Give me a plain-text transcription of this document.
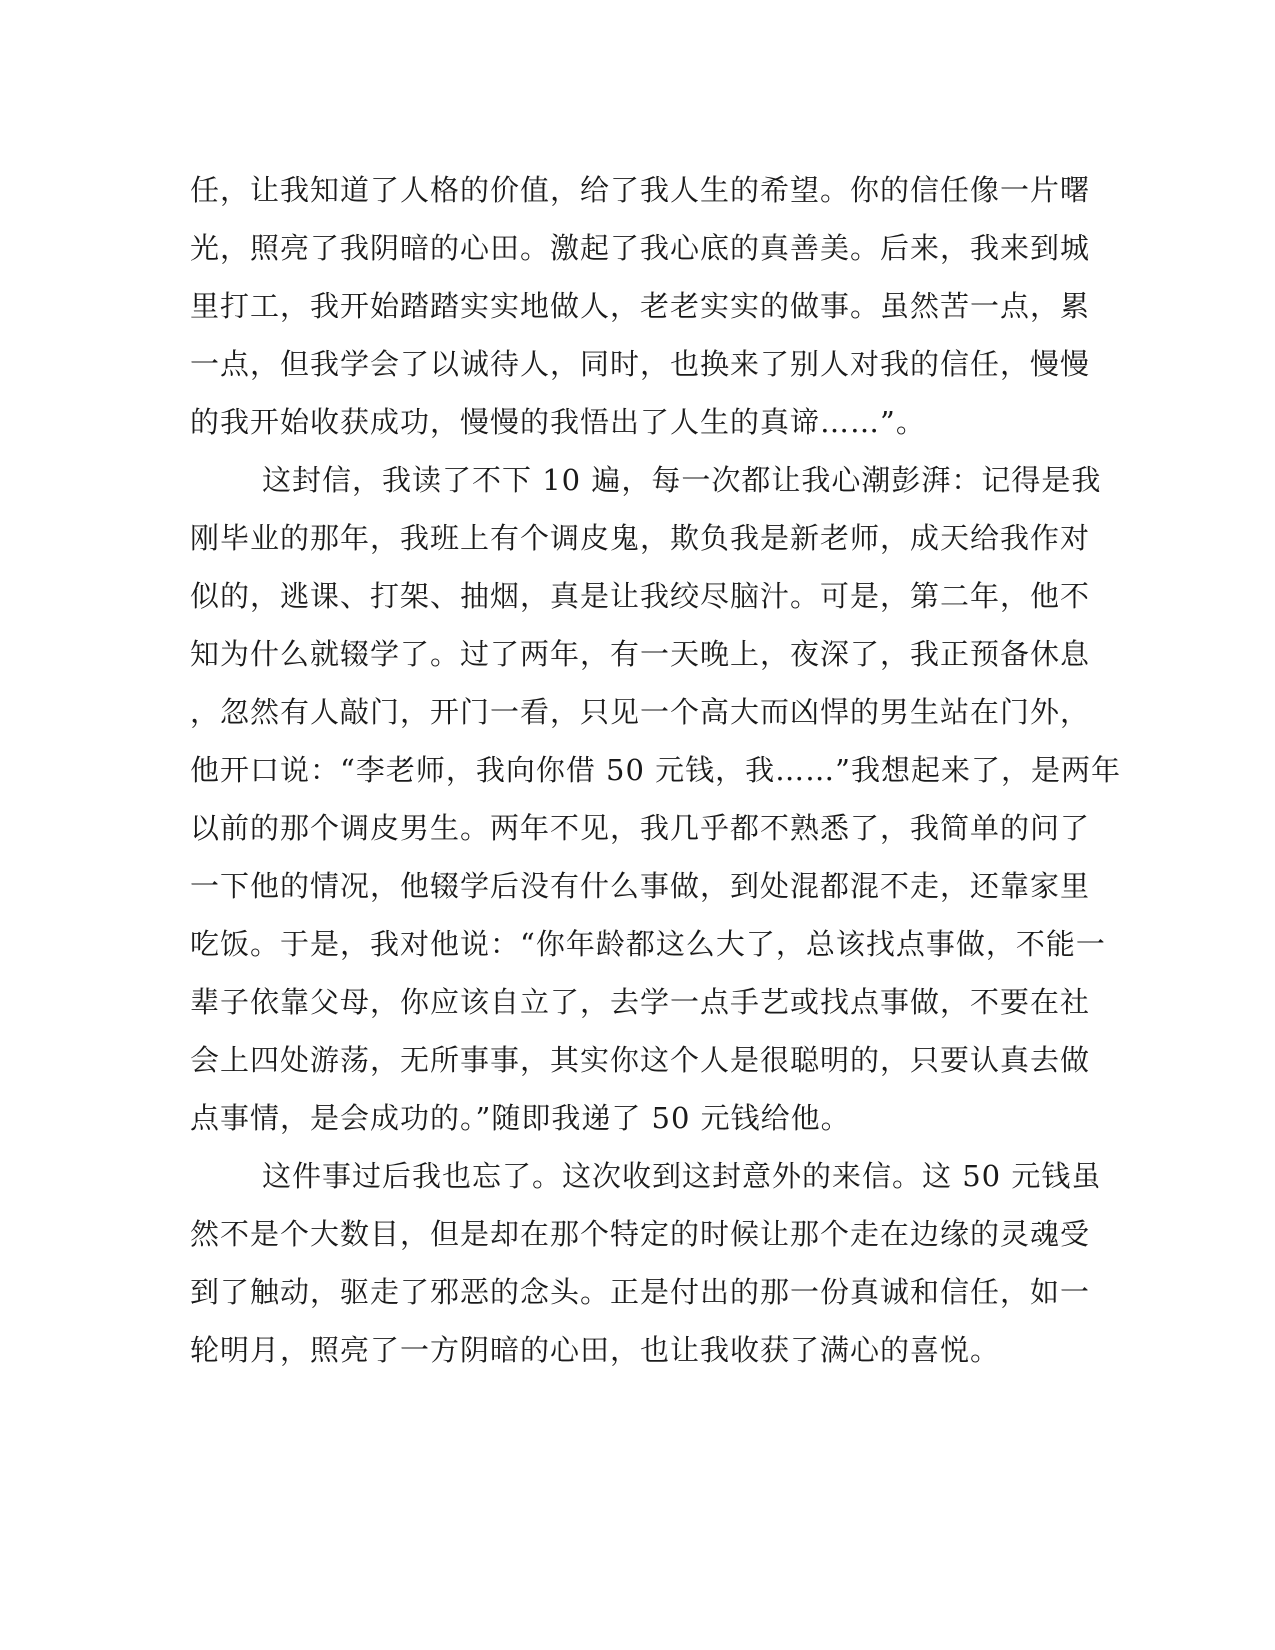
任，让我知道了人格的价值，给了我人生的希望。你的信任像一片曙
光，照亮了我阴暗的心田。激起了我心底的真善美。后来，我来到城
里打工，我开始踏踏实实地做人，老老实实的做事。虽然苦一点，累
一点，但我学会了以诚待人，同时，也换来了别人对我的信任，慢慢
的我开始收获成功，慢慢的我悟出了人生的真谛……”。
这封信，我读了不下 10 遍，每一次都让我心潮彭湃：记得是我
刚毕业的那年，我班上有个调皮鬼，欺负我是新老师，成天给我作对
似的，逃课、打架、抽烟，真是让我绞尽脑汁。可是，第二年，他不
知为什么就辍学了。过了两年，有一天晚上，夜深了，我正预备休息
，忽然有人敲门，开门一看，只见一个高大而凶悍的男生站在门外，
他开口说：“李老师，我向你借 50 元钱，我……”我想起来了，是两年
以前的那个调皮男生。两年不见，我几乎都不熟悉了，我简单的问了
一下他的情况，他辍学后没有什么事做，到处混都混不走，还靠家里
吃饭。于是，我对他说：“你年龄都这么大了，总该找点事做，不能一
辈子依靠父母，你应该自立了，去学一点手艺或找点事做，不要在社
会上四处游荡，无所事事，其实你这个人是很聪明的，只要认真去做
点事情，是会成功的。”随即我递了 50 元钱给他。
这件事过后我也忘了。这次收到这封意外的来信。这 50 元钱虽
然不是个大数目，但是却在那个特定的时候让那个走在边缘的灵魂受
到了触动，驱走了邪恶的念头。正是付出的那一份真诚和信任，如一
轮明月，照亮了一方阴暗的心田，也让我收获了满心的喜悦。
